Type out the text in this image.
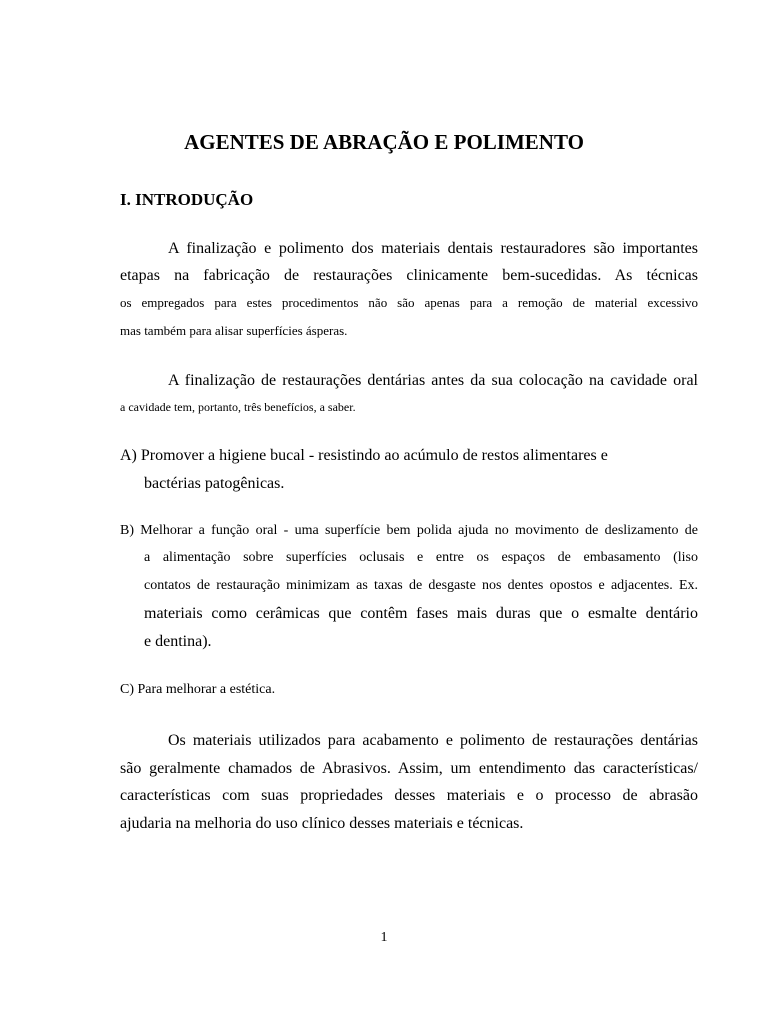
AGENTES DE ABRAÇÃO E POLIMENTO
I. INTRODUÇÃO
A finalização e polimento dos materiais dentais restauradores são importantes
etapas na fabricação de restaurações clinicamente bem-sucedidas. As técnicas
os empregados para estes procedimentos não são apenas para a remoção de material excessivo
mas também para alisar superfícies ásperas.
A finalização de restaurações dentárias antes da sua colocação na cavidade oral
a cavidade tem, portanto, três benefícios, a saber.
A) Promover a higiene bucal - resistindo ao acúmulo de restos alimentares e
bactérias patogênicas.
B) Melhorar a função oral - uma superfície bem polida ajuda no movimento de deslizamento de
a alimentação sobre superfícies oclusais e entre os espaços de embasamento (liso
contatos de restauração minimizam as taxas de desgaste nos dentes opostos e adjacentes. Ex.
materiais como cerâmicas que contêm fases mais duras que o esmalte dentário
e dentina).
C) Para melhorar a estética.
Os materiais utilizados para acabamento e polimento de restaurações dentárias
são geralmente chamados de Abrasivos. Assim, um entendimento das características/
características com suas propriedades desses materiais e o processo de abrasão
ajudaria na melhoria do uso clínico desses materiais e técnicas.
1
